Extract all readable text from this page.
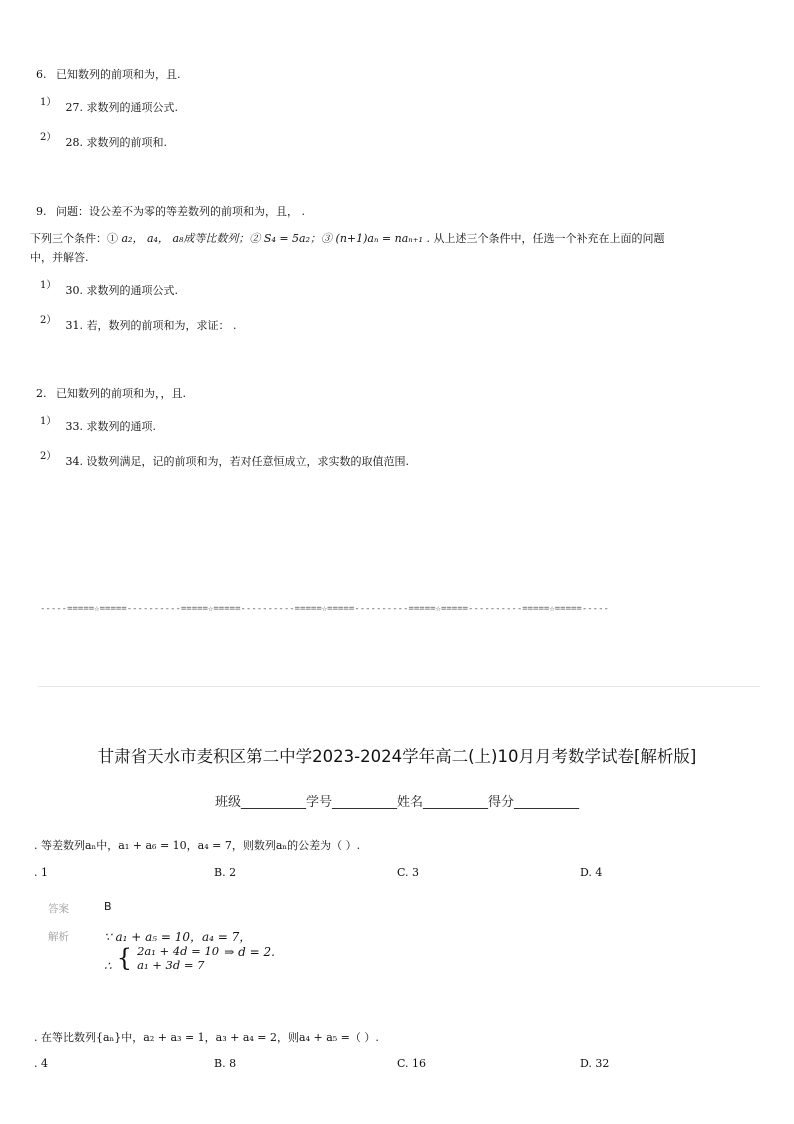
6. 已知数列的前项和为，且.
$^{1)}$ 27. 求数列的通项公式.
$^{2)}$ 28. 求数列的前项和.
9. 问题：设公差不为零的等差数列的前项和为，且， .
下列三个条件：① a₂， a₄， a₈成等比数列；② S₄ = 5a₂；③ (n+1)aₙ = naₙ₊₁ . 从上述三个条件中，任选一个补充在上面的问题
中，并解答.
$^{1)}$ 30. 求数列的通项公式.
$^{2)}$ 31. 若，数列的前项和为，求证： .
2. 已知数列的前项和为，，且.
$^{1)}$ 33. 求数列的通项.
$^{2)}$ 34. 设数列满足，记的前项和为，若对任意恒成立，求实数的取值范围.
-----=====☆=====----------=====☆=====----------=====☆=====----------=====☆=====----------=====☆=====-----
甘肃省天水市麦积区第二中学2023-2024学年高二(上)10月月考数学试卷[解析版]
班级__________学号__________姓名__________得分__________
. 等差数列aₙ中，a₁ + a₆ = 10，a₄ = 7，则数列aₙ的公差为（ ）.
. 1	B. 2	C. 3	D. 4
答案	B
解析	∵ a₁ + a₅ = 10，a₄ = 7，
$_\therefore$ { 2a₁ + 4d = 10
a₁ + 3d = 7
$^{\Rightarrow d = 2.}$
. 在等比数列{aₙ}中，a₂ + a₃ = 1，a₃ + a₄ = 2，则a₄ + a₅ =（ ）.
. 4	B. 8	C. 16	D. 32
